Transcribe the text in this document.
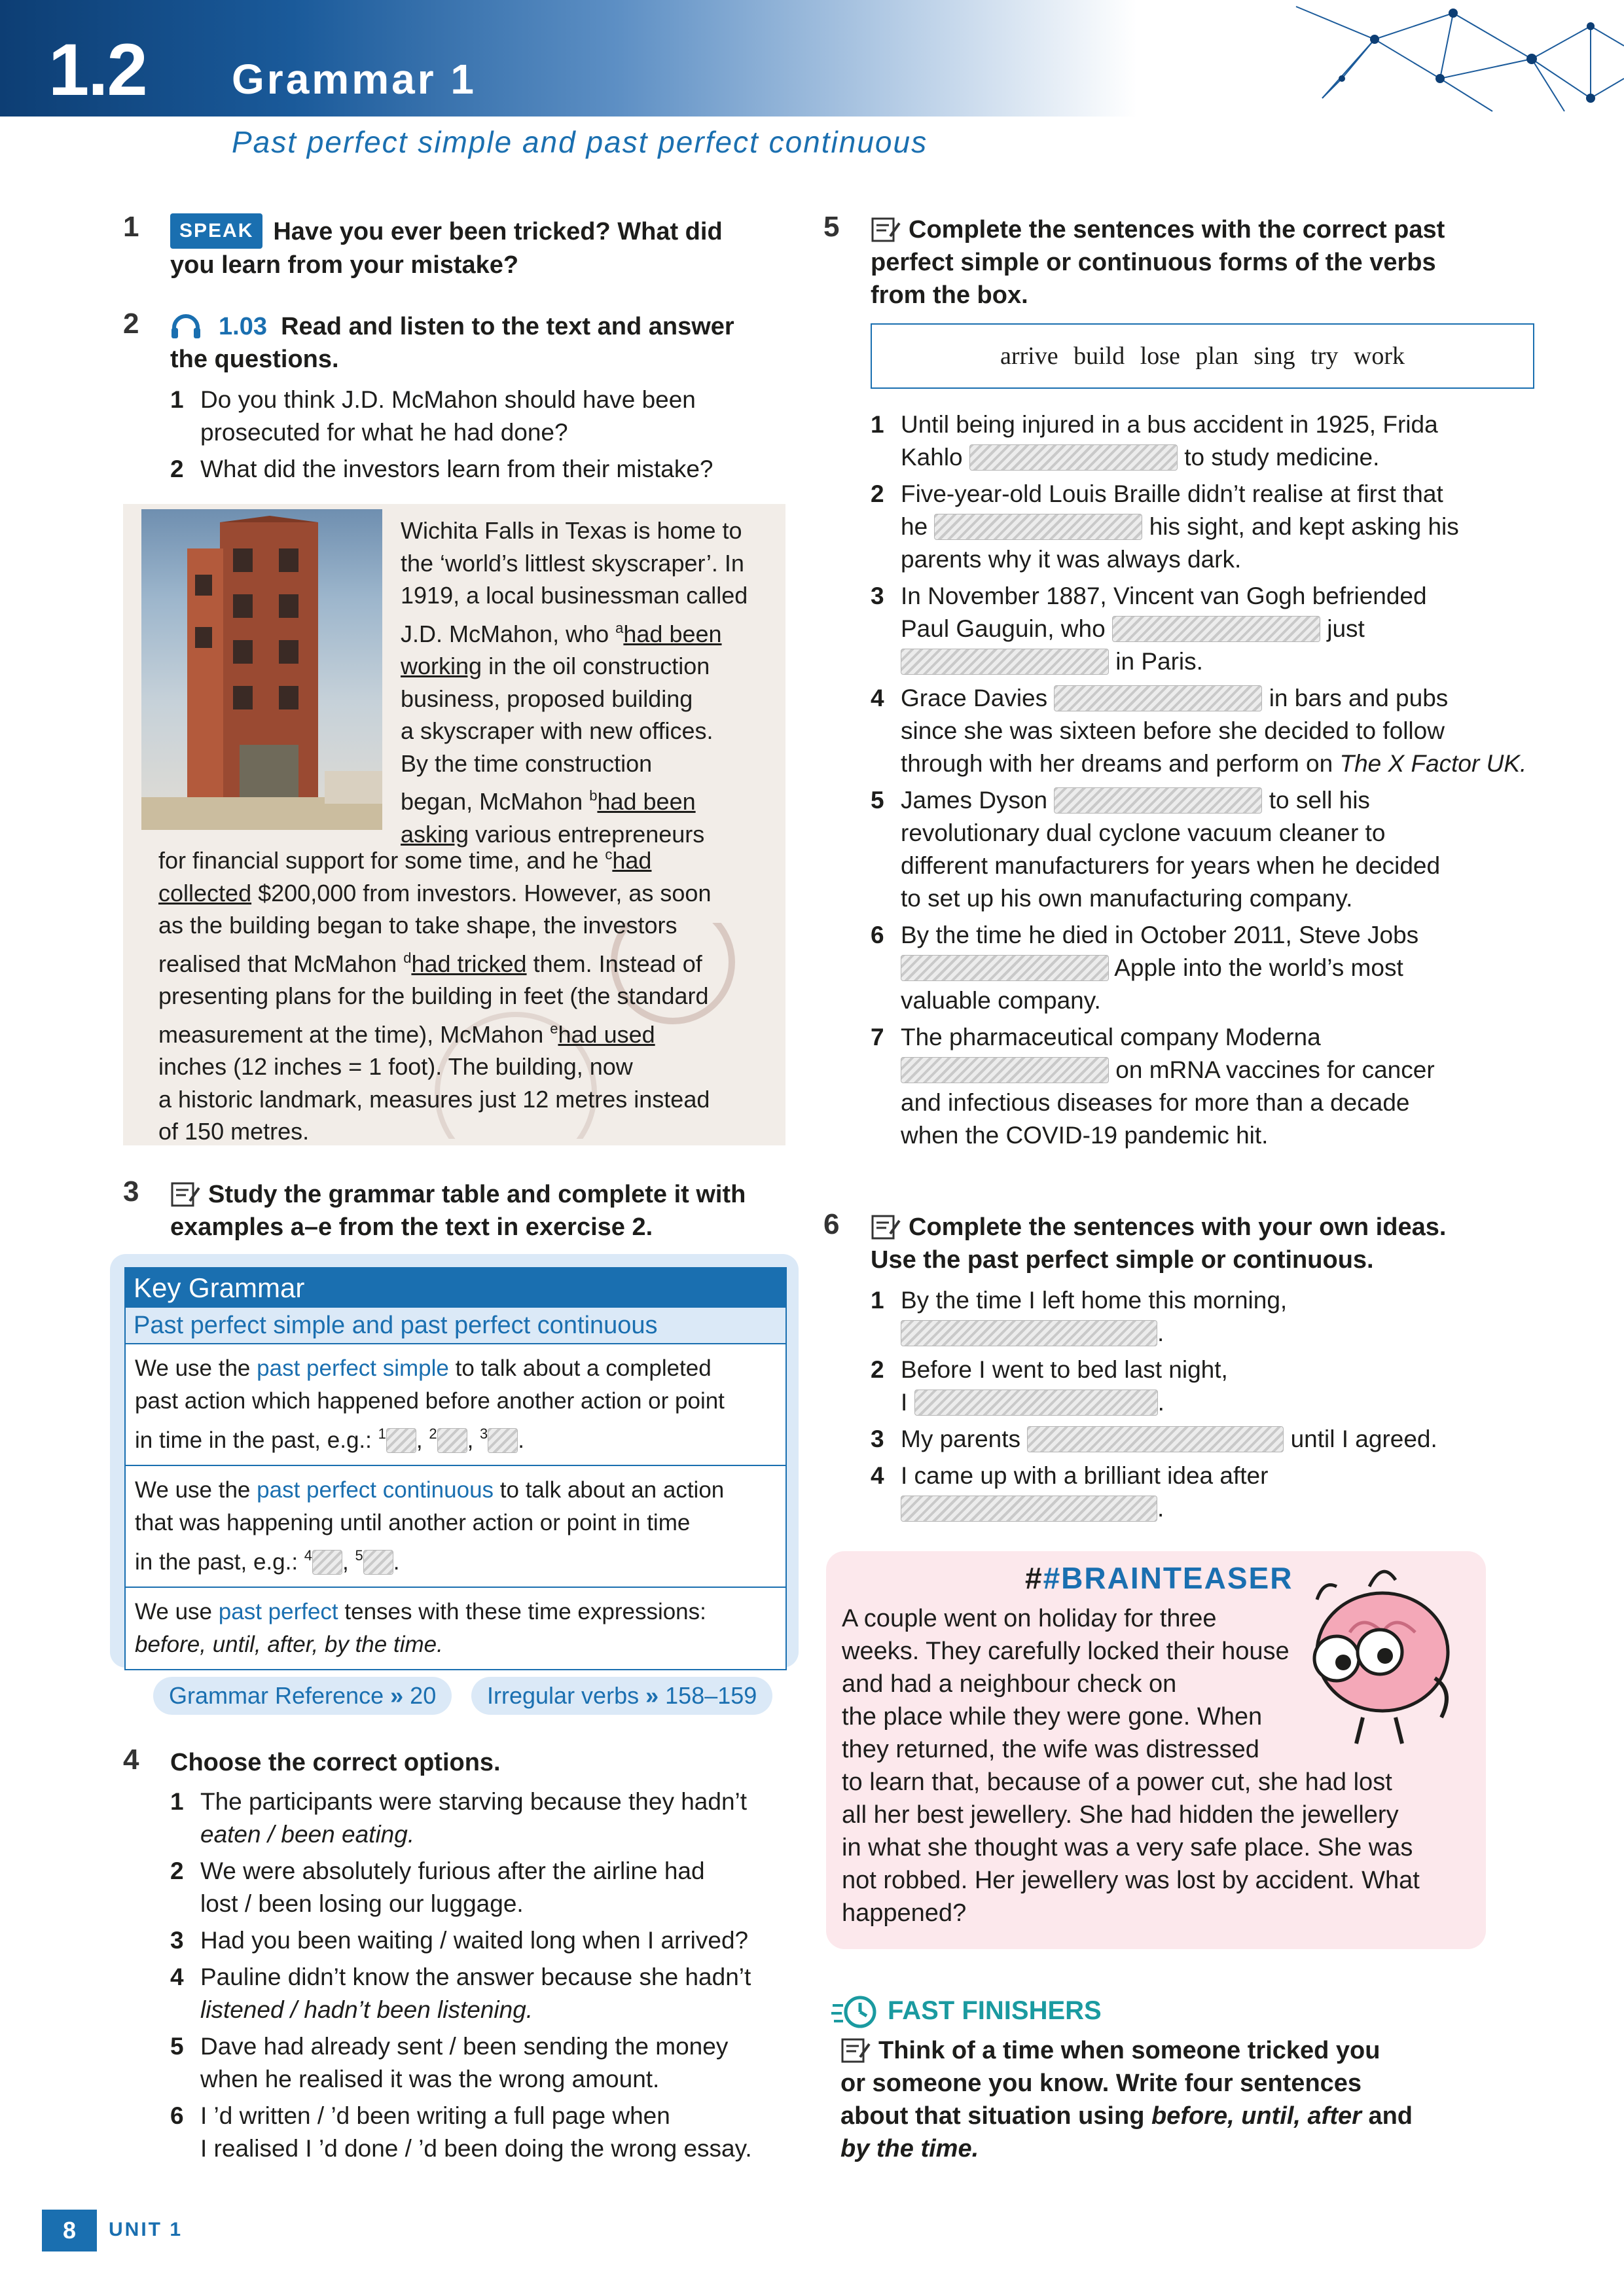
1.2 Grammar 1
Past perfect simple and past perfect continuous
1	SPEAK Have you ever been tricked? What did
you learn from your mistake?
2	1.03 Read and listen to the text and answer
the questions.
1 Do you think J.D. McMahon should have been
prosecuted for what he had done?
2 What did the investors learn from their mistake?
Wichita Falls in Texas is home to
the ‘world’s littlest skyscraper’. In
1919, a local businessman called
J.D. McMahon, who $^a$had been
working in the oil construction
business, proposed building
a skyscraper with new offices.
By the time construction
began, McMahon $^b$had been
asking various entrepreneurs
for financial support for some time, and he $^c$had
collected $200,000 from investors. However, as soon
as the building began to take shape, the investors
realised that McMahon $^d$had tricked them. Instead of
presenting plans for the building in feet (the standard
measurement at the time), McMahon $^e$had used
inches (12 inches = 1 foot). The building, now
a historic landmark, measures just 12 metres instead
of 150 metres.
3	Study the grammar table and complete it with
examples a–e from the text in exercise 2.
Key Grammar
Past perfect simple and past perfect continuous
We use the past perfect simple to talk about a completed
past action which happened before another action or point
in time in the past, e.g.: $^1$ , $^2$ , $^3$ .
We use the past perfect continuous to talk about an action
that was happening until another action or point in time
in the past, e.g.: $^4$ , $^5$ .
We use past perfect tenses with these time expressions:
before, until, after, by the time.
Grammar Reference » 20	Irregular verbs » 158–159
4 Choose the correct options.
1 The participants were starving because they hadn’t
eaten / been eating.
2 We were absolutely furious after the airline had
lost / been losing our luggage.
3 Had you been waiting / waited long when I arrived?
4 Pauline didn’t know the answer because she hadn’t
listened / hadn’t been listening.
5 Dave had already sent / been sending the money
when he realised it was the wrong amount.
6 I ’d written / ’d been writing a full page when
I realised I ’d done / ’d been doing the wrong essay.
5	Complete the sentences with the correct past
perfect simple or continuous forms of the verbs
from the box.
arrive build lose plan sing try work
1 Until being injured in a bus accident in 1925, Frida
Kahlo	to study medicine.
2 Five-year-old Louis Braille didn’t realise at first that
he	his sight, and kept asking his
parents why it was always dark.
3 In November 1887, Vincent van Gogh befriended
Paul Gauguin, who	just
in Paris.
4 Grace Davies	in bars and pubs
since she was sixteen before she decided to follow
through with her dreams and perform on The X Factor UK.
5 James Dyson	to sell his
revolutionary dual cyclone vacuum cleaner to
different manufacturers for years when he decided
to set up his own manufacturing company.
6 By the time he died in October 2011, Steve Jobs
Apple into the world’s most
valuable company.
7 The pharmaceutical company Moderna
on mRNA vaccines for cancer
and infectious diseases for more than a decade
when the COVID-19 pandemic hit.
6	Complete the sentences with your own ideas.
Use the past perfect simple or continuous.
1 By the time I left home this morning,
.
2 Before I went to bed last night,
I	.
3 My parents	until I agreed.
4 I came up with a brilliant idea after
.
##BRAINTEASER
A couple went on holiday for three
weeks. They carefully locked their house
and had a neighbour check on
the place while they were gone. When
they returned, the wife was distressed
to learn that, because of a power cut, she had lost
all her best jewellery. She had hidden the jewellery
in what she thought was a very safe place. She was
not robbed. Her jewellery was lost by accident. What
happened?
FAST FINISHERS
Think of a time when someone tricked you
or someone you know. Write four sentences
about that situation using before, until, after and
by the time.
8	UNIT 1
